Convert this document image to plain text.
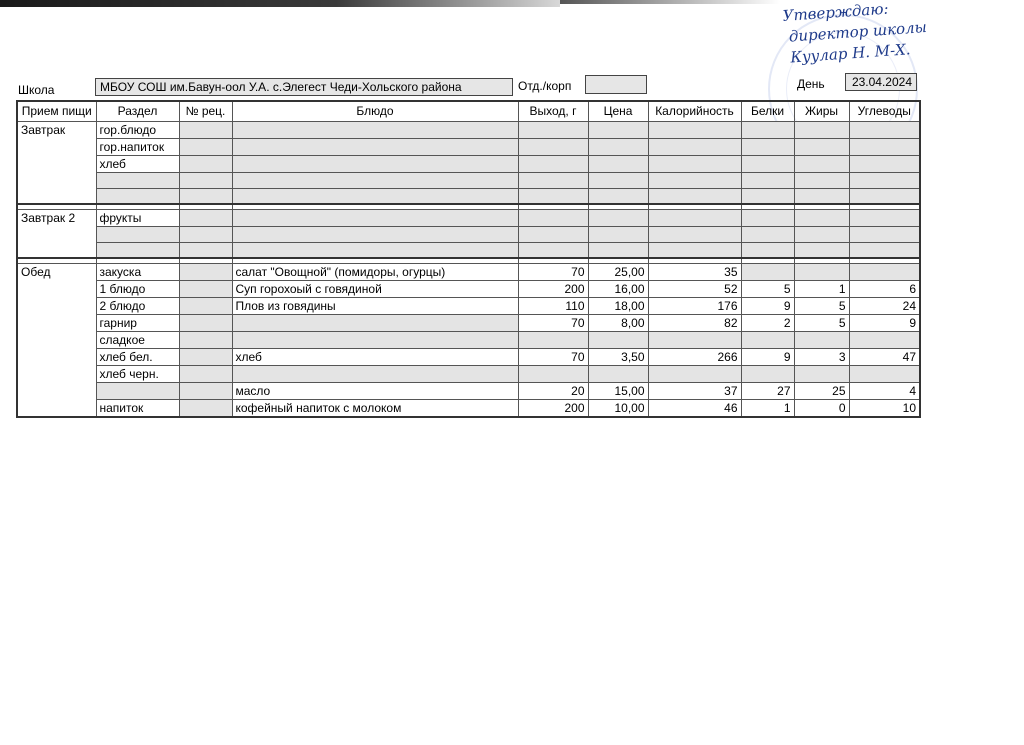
Утверждаю:
директор школы
Куулар Н. М-Х.
Школа	МБОУ СОШ им.Бавун-оол У.А. с.Элегест Чеди-Хольского района	Отд./корп	День	23.04.2024
Прием пищи	Раздел	№ рец.	Блюдо	Выход, г	Цена	Калорийность	Белки	Жиры	Углеводы
Завтрак	гор.блюдо								
	гор.напиток								
	хлеб								

Завтрак 2	фрукты								

Обед	закуска		салат "Овощной" (помидоры, огурцы)	70	25,00	35			
	1 блюдо		Суп горохоый с говядиной	200	16,00	52	5	1	6
	2 блюдо		Плов из говядины	110	18,00	176	9	5	24
	гарнир			70	8,00	82	2	5	9
	сладкое								
	хлеб бел.		хлеб	70	3,50	266	9	3	47
	хлеб черн.								
			масло	20	15,00	37	27	25	4
	напиток		кофейный напиток с молоком	200	10,00	46	1	0	10
